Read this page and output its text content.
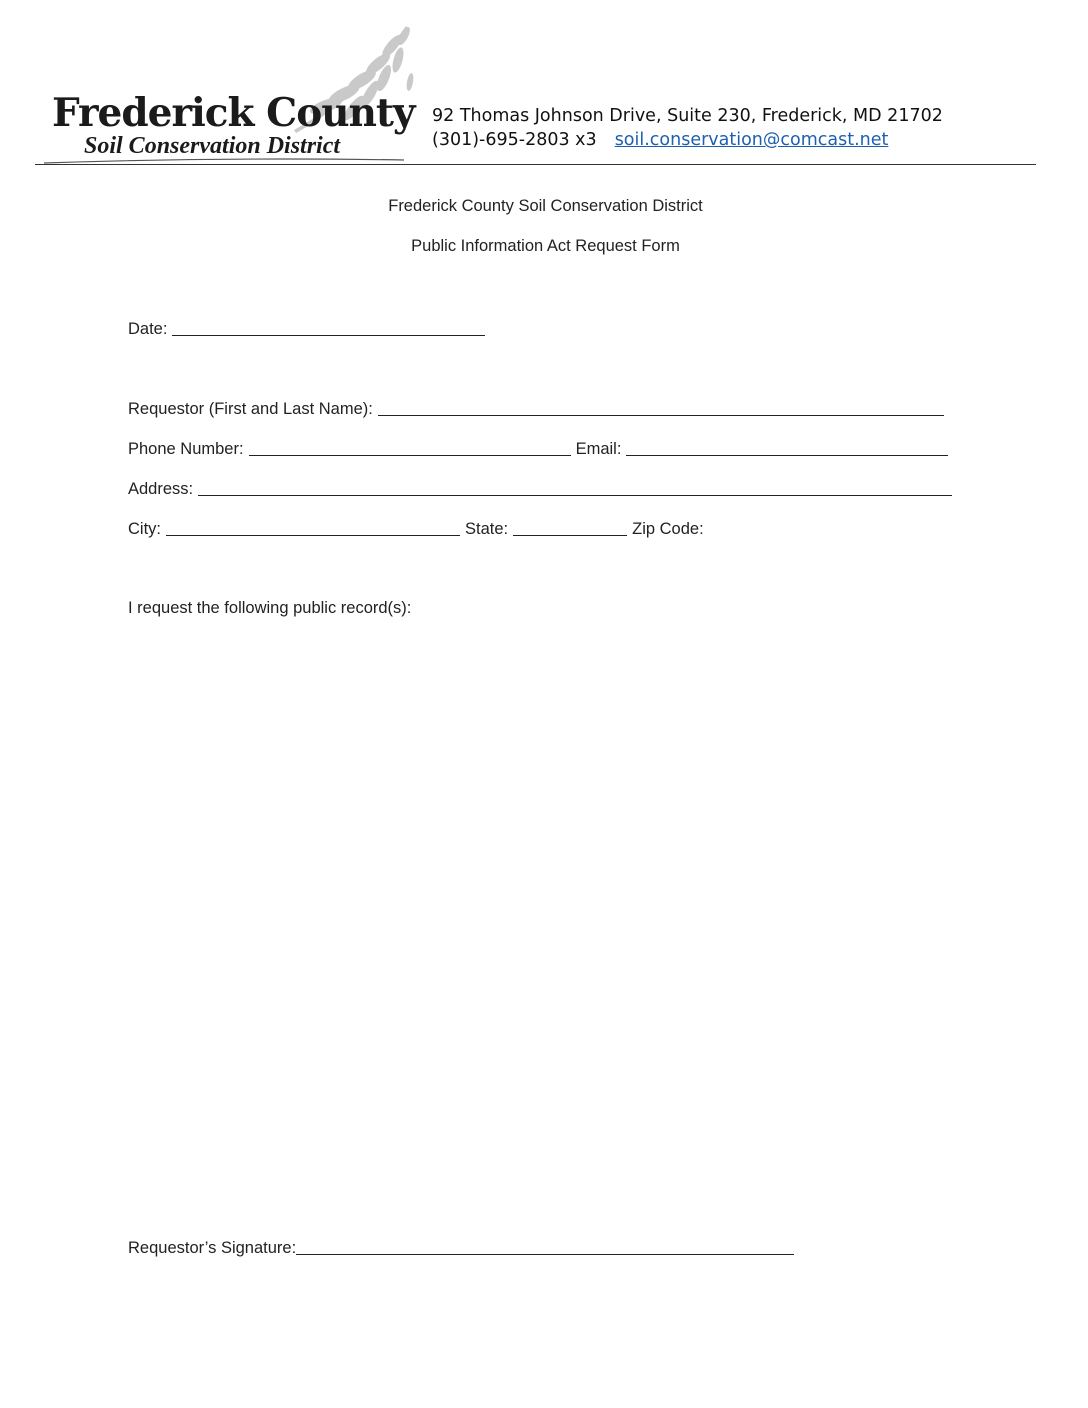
Frederick County
Soil Conservation District
92 Thomas Johnson Drive, Suite 230, Frederick, MD 21702
(301)-695-2803 x3 soil.conservation@comcast.net
Frederick County Soil Conservation District
Public Information Act Request Form
Date:
Requestor (First and Last Name):
Phone Number:	Email:
Address:
City:	State:	Zip Code:
I request the following public record(s):
Requestor’s Signature:
